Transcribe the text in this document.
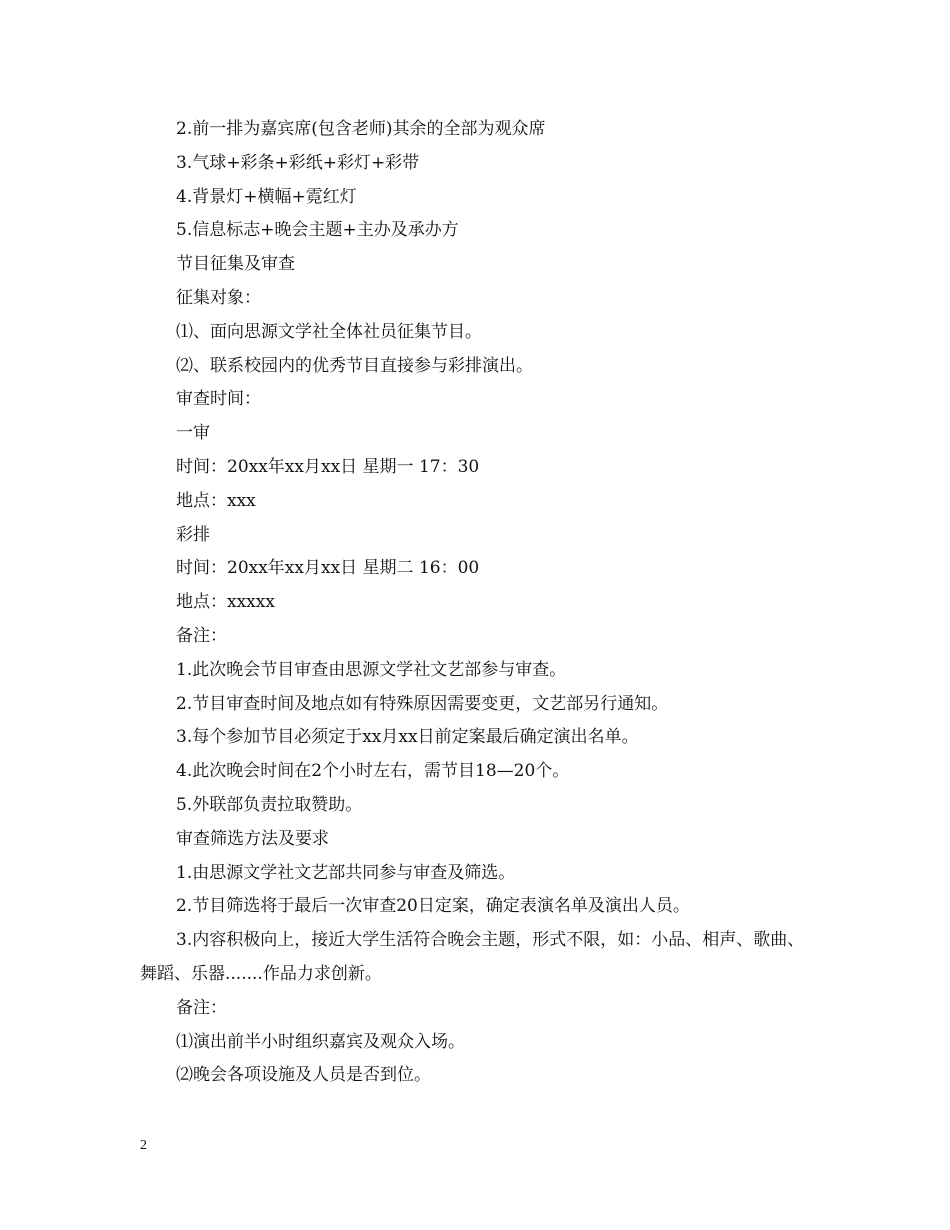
2.前一排为嘉宾席(包含老师)其余的全部为观众席
3.气球+彩条+彩纸+彩灯+彩带
4.背景灯+横幅+霓红灯
5.信息标志+晚会主题+主办及承办方
节目征集及审查
征集对象：
⑴、面向思源文学社全体社员征集节目。
⑵、联系校园内的优秀节目直接参与彩排演出。
审查时间：
一审
时间：20xx年xx月xx日 星期一 17：30
地点：xxx
彩排
时间：20xx年xx月xx日 星期二 16：00
地点：xxxxx
备注：
1.此次晚会节目审查由思源文学社文艺部参与审查。
2.节目审查时间及地点如有特殊原因需要变更，文艺部另行通知。
3.每个参加节目必须定于xx月xx日前定案最后确定演出名单。
4.此次晚会时间在2个小时左右，需节目18—20个。
5.外联部负责拉取赞助。
审查筛选方法及要求
1.由思源文学社文艺部共同参与审查及筛选。
2.节目筛选将于最后一次审查20日定案，确定表演名单及演出人员。
3.内容积极向上，接近大学生活符合晚会主题，形式不限，如：小品、相声、歌曲、舞蹈、乐器.......作品力求创新。
备注：
⑴演出前半小时组织嘉宾及观众入场。
⑵晚会各项设施及人员是否到位。
2
